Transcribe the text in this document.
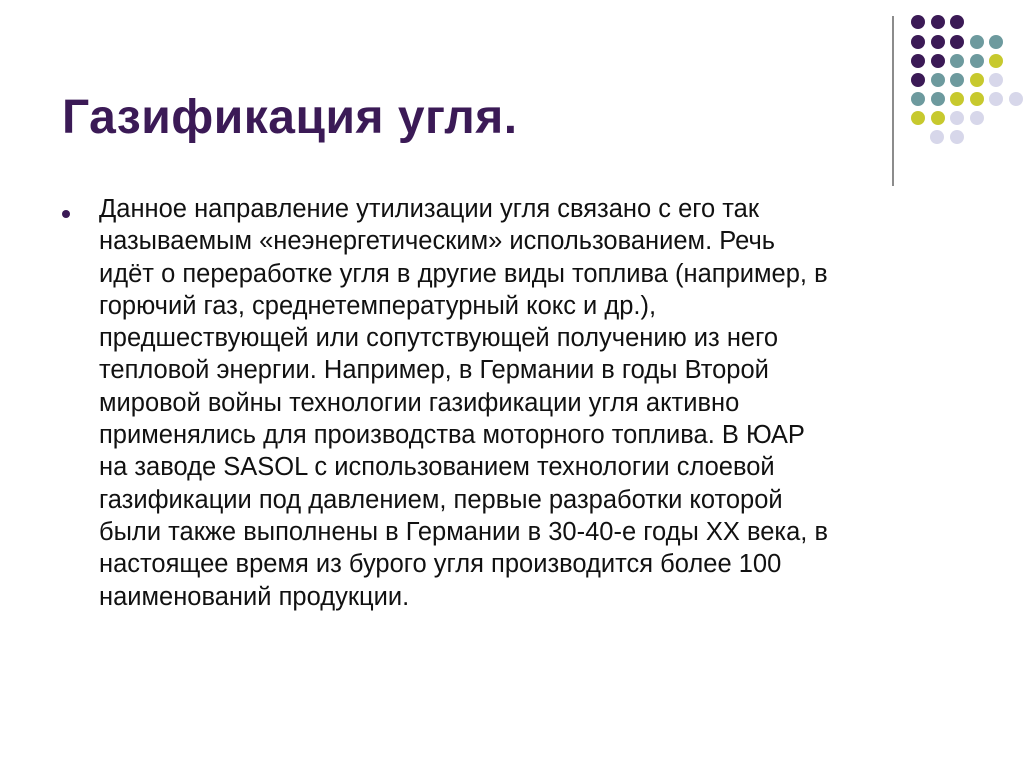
Газификация угля.

Данное направление утилизации угля связано с его так
называемым «неэнергетическим» использованием. Речь
идёт о переработке угля в другие виды топлива (например, в
горючий газ, среднетемпературный кокс и др.),
предшествующей или сопутствующей получению из него
тепловой энергии. Например, в Германии в годы Второй
мировой войны технологии газификации угля активно
применялись для производства моторного топлива. В ЮАР
на заводе SASOL с использованием технологии слоевой
газификации под давлением, первые разработки которой
были также выполнены в Германии в 30-40-е годы XX века, в
настоящее время из бурого угля производится более 100
наименований продукции.
